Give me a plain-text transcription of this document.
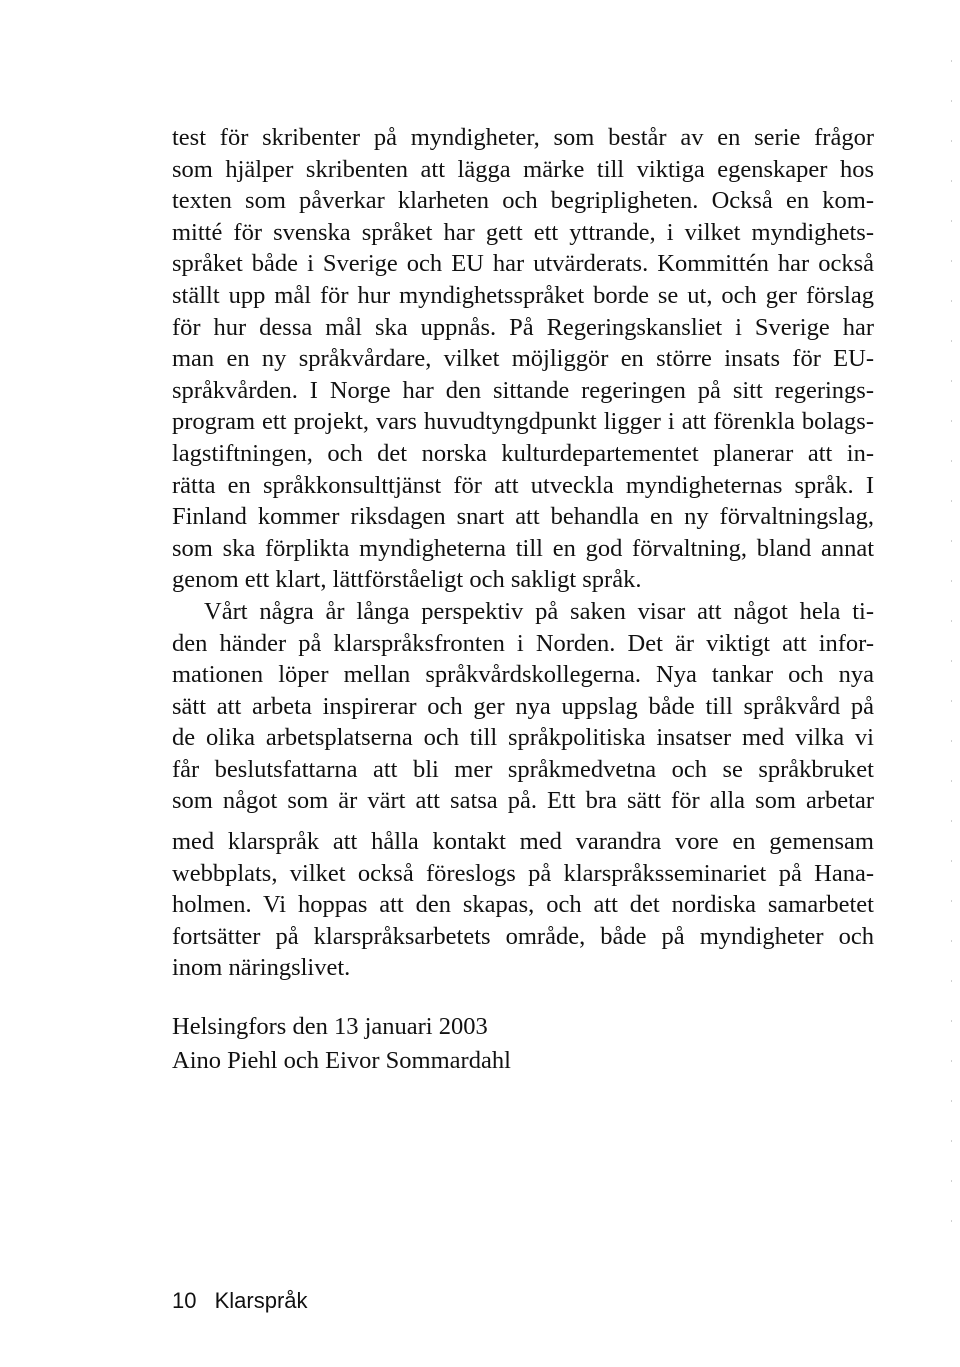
test för skribenter på myndigheter, som består av en serie frågor
som hjälper skribenten att lägga märke till viktiga egenskaper hos
texten som påverkar klarheten och begripligheten. Också en kom-
mitté för svenska språket har gett ett yttrande, i vilket myndighets-
språket både i Sverige och EU har utvärderats. Kommittén har också
ställt upp mål för hur myndighetsspråket borde se ut, och ger förslag
för hur dessa mål ska uppnås. På Regeringskansliet i Sverige har
man en ny språkvårdare, vilket möjliggör en större insats för EU-
språkvården. I Norge har den sittande regeringen på sitt regerings-
program ett projekt, vars huvudtyngdpunkt ligger i att förenkla bolags-
lagstiftningen, och det norska kulturdepartementet planerar att in-
rätta en språkkonsulttjänst för att utveckla myndigheternas språk. I
Finland kommer riksdagen snart att behandla en ny förvaltningslag,
som ska förplikta myndigheterna till en god förvaltning, bland annat
genom ett klart, lättförståeligt och sakligt språk.

Vårt några år långa perspektiv på saken visar att något hela ti-
den händer på klarspråksfronten i Norden. Det är viktigt att infor-
mationen löper mellan språkvårdskollegerna. Nya tankar och nya
sätt att arbeta inspirerar och ger nya uppslag både till språkvård på
de olika arbetsplatserna och till språkpolitiska insatser med vilka vi
får beslutsfattarna att bli mer språkmedvetna och se språkbruket
som något som är värt att satsa på. Ett bra sätt för alla som arbetar

med klarspråk att hålla kontakt med varandra vore en gemensam
webbplats, vilket också föreslogs på klarspråksseminariet på Hana-
holmen. Vi hoppas att den skapas, och att det nordiska samarbetet
fortsätter på klarspråksarbetets område, både på myndigheter och
inom näringslivet.

Helsingfors den 13 januari 2003
Aino Piehl och Eivor Sommardahl
10 Klarspråk
